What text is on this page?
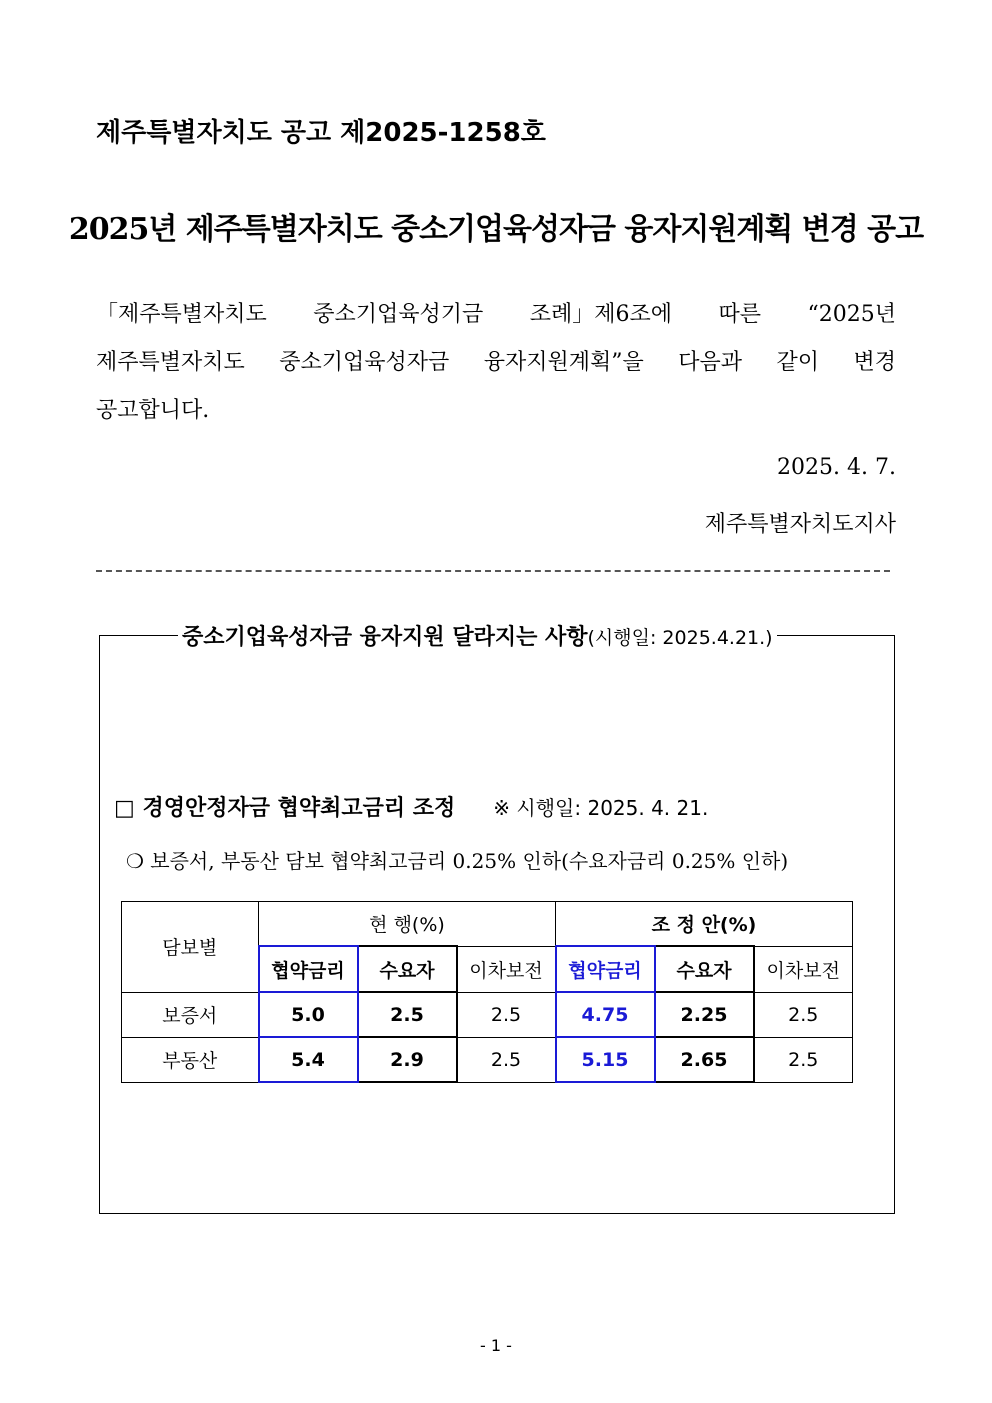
제주특별자치도 공고 제2025-1258호
2025년 제주특별자치도 중소기업육성자금 융자지원계획 변경 공고
「제주특별자치도 중소기업육성기금 조례」제6조에 따른 “2025년
제주특별자치도 중소기업육성자금 융자지원계획”을 다음과 같이 변경
공고합니다.
2025. 4. 7.
제주특별자치도지사
중소기업육성자금 융자지원 달라지는 사항(시행일: 2025.4.21.)
□ 경영안정자금 협약최고금리 조정 ※ 시행일: 2025. 4. 21.
❍ 보증서, 부동산 담보 협약최고금리 0.25% 인하(수요자금리 0.25% 인하)
담보별	현 행(%)			조 정 안(%)		
	협약금리	수요자	이차보전	협약금리	수요자	이차보전
보증서	5.0	2.5	2.5	4.75	2.25	2.5
부동산	5.4	2.9	2.5	5.15	2.65	2.5
- 1 -
